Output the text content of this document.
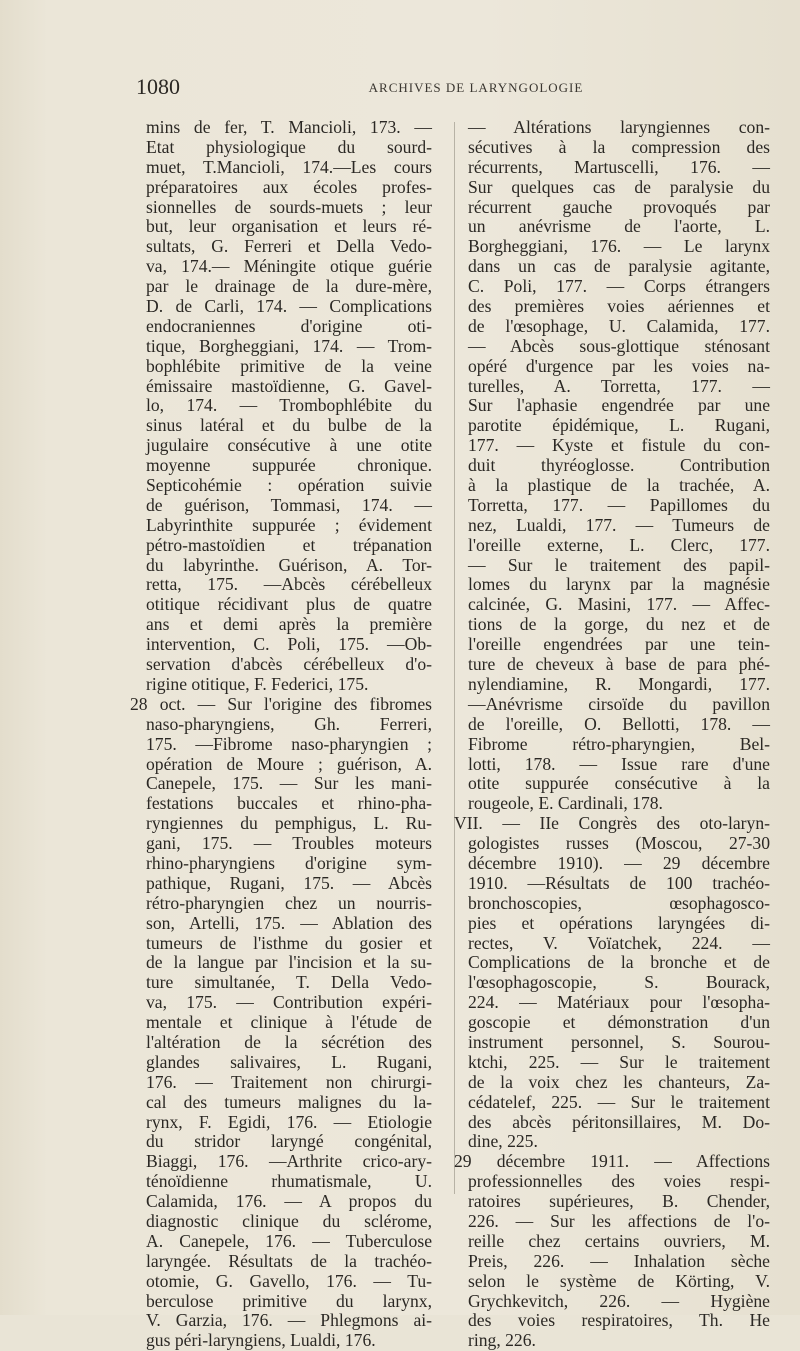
1080	ARCHIVES DE LARYNGOLOGIE
mins de fer, T. Mancioli, 173. —
Etat physiologique du sourd-
muet, T.Mancioli, 174.—Les cours
préparatoires aux écoles profes-
sionnelles de sourds-muets ; leur
but, leur organisation et leurs ré-
sultats, G. Ferreri et Della Vedo-
va, 174.— Méningite otique guérie
par le drainage de la dure-mère,
D. de Carli, 174. — Complications
endocraniennes d'origine oti-
tique, Borgheggiani, 174. — Trom-
bophlébite primitive de la veine
émissaire mastoïdienne, G. Gavel-
lo, 174. — Trombophlébite du
sinus latéral et du bulbe de la
jugulaire consécutive à une otite
moyenne suppurée chronique.
Septicohémie : opération suivie
de guérison, Tommasi, 174. —
Labyrinthite suppurée ; évidement
pétro-mastoïdien et trépanation
du labyrinthe. Guérison, A. Tor-
retta, 175. —Abcès cérébelleux
otitique récidivant plus de quatre
ans et demi après la première
intervention, C. Poli, 175. —Ob-
servation d'abcès cérébelleux d'o-
rigine otitique, F. Federici, 175.
28 oct. — Sur l'origine des fibromes
naso-pharyngiens, Gh. Ferreri,
175. —Fibrome naso-pharyngien ;
opération de Moure ; guérison, A.
Canepele, 175. — Sur les mani-
festations buccales et rhino-pha-
ryngiennes du pemphigus, L. Ru-
gani, 175. — Troubles moteurs
rhino-pharyngiens d'origine sym-
pathique, Rugani, 175. — Abcès
rétro-pharyngien chez un nourris-
son, Artelli, 175. — Ablation des
tumeurs de l'isthme du gosier et
de la langue par l'incision et la su-
ture simultanée, T. Della Vedo-
va, 175. — Contribution expéri-
mentale et clinique à l'étude de
l'altération de la sécrétion des
glandes salivaires, L. Rugani,
176. — Traitement non chirurgi-
cal des tumeurs malignes du la-
rynx, F. Egidi, 176. — Etiologie
du stridor laryngé congénital,
Biaggi, 176. —Arthrite crico-ary-
ténoïdienne rhumatismale, U.
Calamida, 176. — A propos du
diagnostic clinique du sclérome,
A. Canepele, 176. — Tuberculose
laryngée. Résultats de la trachéo-
otomie, G. Gavello, 176. — Tu-
berculose primitive du larynx,
V. Garzia, 176. — Phlegmons ai-
gus péri-laryngiens, Lualdi, 176.
— Altérations laryngiennes con-
sécutives à la compression des
récurrents, Martuscelli, 176. —
Sur quelques cas de paralysie du
récurrent gauche provoqués par
un anévrisme de l'aorte, L.
Borgheggiani, 176. — Le larynx
dans un cas de paralysie agitante,
C. Poli, 177. — Corps étrangers
des premières voies aériennes et
de l'œsophage, U. Calamida, 177.
— Abcès sous-glottique sténosant
opéré d'urgence par les voies na-
turelles, A. Torretta, 177. —
Sur l'aphasie engendrée par une
parotite épidémique, L. Rugani,
177. — Kyste et fistule du con-
duit thyréoglosse. Contribution
à la plastique de la trachée, A.
Torretta, 177. — Papillomes du
nez, Lualdi, 177. — Tumeurs de
l'oreille externe, L. Clerc, 177.
— Sur le traitement des papil-
lomes du larynx par la magnésie
calcinée, G. Masini, 177. — Affec-
tions de la gorge, du nez et de
l'oreille engendrées par une tein-
ture de cheveux à base de para phé-
nylendiamine, R. Mongardi, 177.
—Anévrisme cirsoïde du pavillon
de l'oreille, O. Bellotti, 178. —
Fibrome rétro-pharyngien, Bel-
lotti, 178. — Issue rare d'une
otite suppurée consécutive à la
rougeole, E. Cardinali, 178.
VII. — IIe Congrès des oto-laryn-
gologistes russes (Moscou, 27-30
décembre 1910). — 29 décembre
1910. —Résultats de 100 trachéo-
bronchoscopies, œsophagosco-
pies et opérations laryngées di-
rectes, V. Voïatchek, 224. —
Complications de la bronche et de
l'œsophagoscopie, S. Bourack,
224. — Matériaux pour l'œsopha-
goscopie et démonstration d'un
instrument personnel, S. Sourou-
ktchi, 225. — Sur le traitement
de la voix chez les chanteurs, Za-
cédatelef, 225. — Sur le traitement
des abcès péritonsillaires, M. Do-
dine, 225.
29 décembre 1911. — Affections
professionnelles des voies respi-
ratoires supérieures, B. Chender,
226. — Sur les affections de l'o-
reille chez certains ouvriers, M.
Preis, 226. — Inhalation sèche
selon le système de Körting, V.
Grychkevitch, 226. — Hygiène
des voies respiratoires, Th. He
ring, 226.
